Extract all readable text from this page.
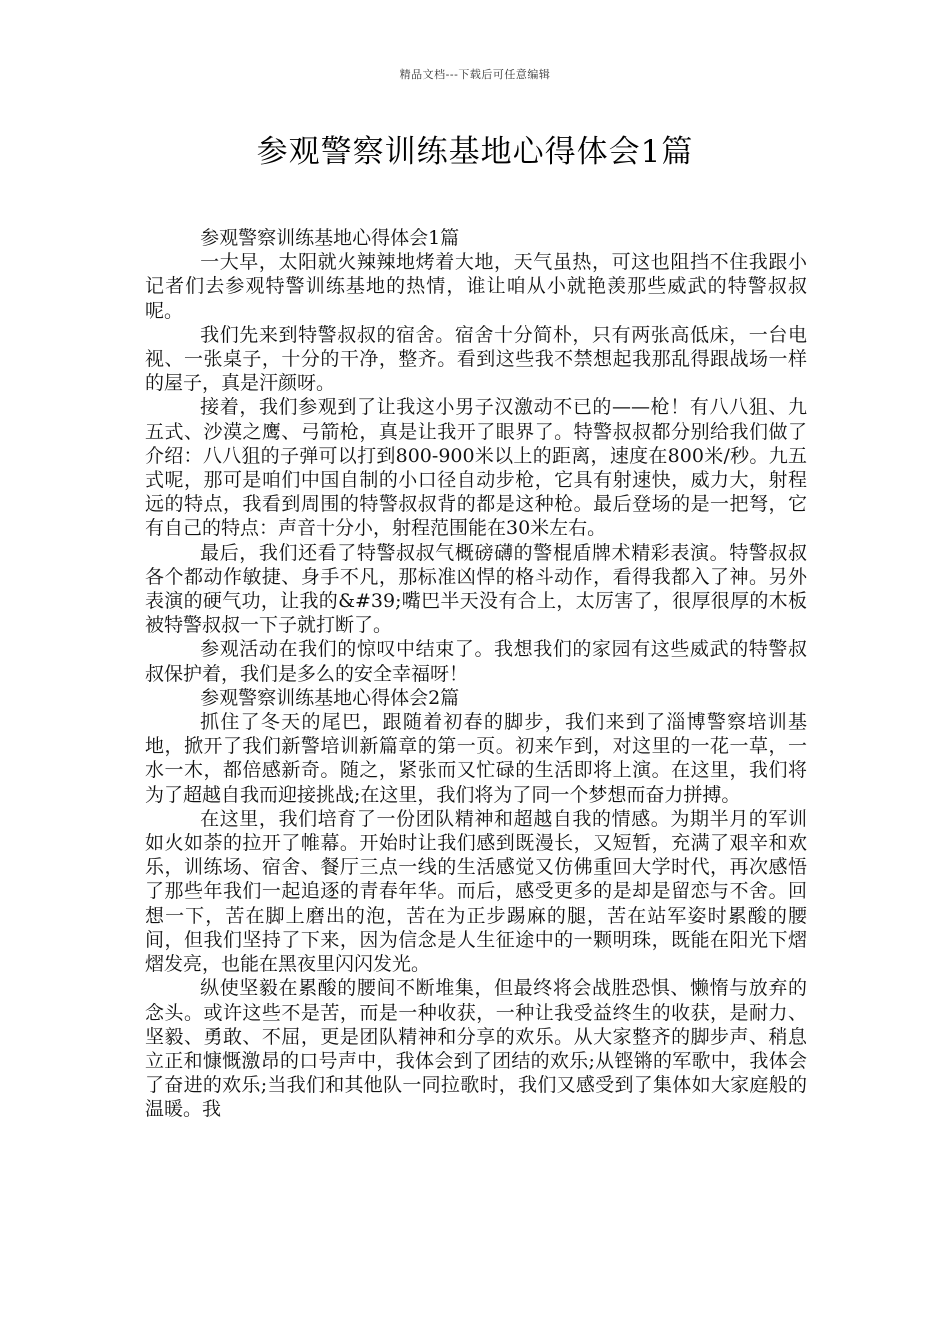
精品文档---下载后可任意编辑
参观警察训练基地心得体会1篇

参观警察训练基地心得体会1篇

一大早，太阳就火辣辣地烤着大地，天气虽热，可这也阻挡不住我跟小记者们去参观特警训练基地的热情，谁让咱从小就艳羡那些威武的特警叔叔呢。

我们先来到特警叔叔的宿舍。宿舍十分简朴，只有两张高低床，一台电视、一张桌子，十分的干净，整齐。看到这些我不禁想起我那乱得跟战场一样的屋子，真是汗颜呀。

接着，我们参观到了让我这小男子汉激动不已的——枪！有八八狙、九五式、沙漠之鹰、弓箭枪，真是让我开了眼界了。特警叔叔都分别给我们做了介绍：八八狙的子弹可以打到800-900米以上的距离，速度在800米/秒。九五式呢，那可是咱们中国自制的小口径自动步枪，它具有射速快，威力大，射程远的特点，我看到周围的特警叔叔背的都是这种枪。最后登场的是一把弩，它有自己的特点：声音十分小，射程范围能在30米左右。

最后，我们还看了特警叔叔气概磅礴的警棍盾牌术精彩表演。特警叔叔各个都动作敏捷、身手不凡，那标准凶悍的格斗动作，看得我都入了神。另外表演的硬气功，让我的&#39;嘴巴半天没有合上，太厉害了，很厚很厚的木板被特警叔叔一下子就打断了。

参观活动在我们的惊叹中结束了。我想我们的家园有这些威武的特警叔叔保护着，我们是多么的安全幸福呀！

参观警察训练基地心得体会2篇

抓住了冬天的尾巴，跟随着初春的脚步，我们来到了淄博警察培训基地，掀开了我们新警培训新篇章的第一页。初来乍到，对这里的一花一草，一水一木，都倍感新奇。随之，紧张而又忙碌的生活即将上演。在这里，我们将为了超越自我而迎接挑战;在这里，我们将为了同一个梦想而奋力拼搏。

在这里，我们培育了一份团队精神和超越自我的情感。为期半月的军训如火如荼的拉开了帷幕。开始时让我们感到既漫长，又短暂，充满了艰辛和欢乐，训练场、宿舍、餐厅三点一线的生活感觉又仿佛重回大学时代，再次感悟了那些年我们一起追逐的青春年华。而后，感受更多的是却是留恋与不舍。回想一下，苦在脚上磨出的泡，苦在为正步踢麻的腿，苦在站军姿时累酸的腰间，但我们坚持了下来，因为信念是人生征途中的一颗明珠，既能在阳光下熠熠发亮，也能在黑夜里闪闪发光。

纵使坚毅在累酸的腰间不断堆集，但最终将会战胜恐惧、懒惰与放弃的念头。或许这些不是苦，而是一种收获，一种让我受益终生的收获，是耐力、坚毅、勇敢、不屈，更是团队精神和分享的欢乐。从大家整齐的脚步声、稍息立正和慷慨激昂的口号声中，我体会到了团结的欢乐;从铿锵的军歌中，我体会了奋进的欢乐;当我们和其他队一同拉歌时，我们又感受到了集体如大家庭般的温暖。我
